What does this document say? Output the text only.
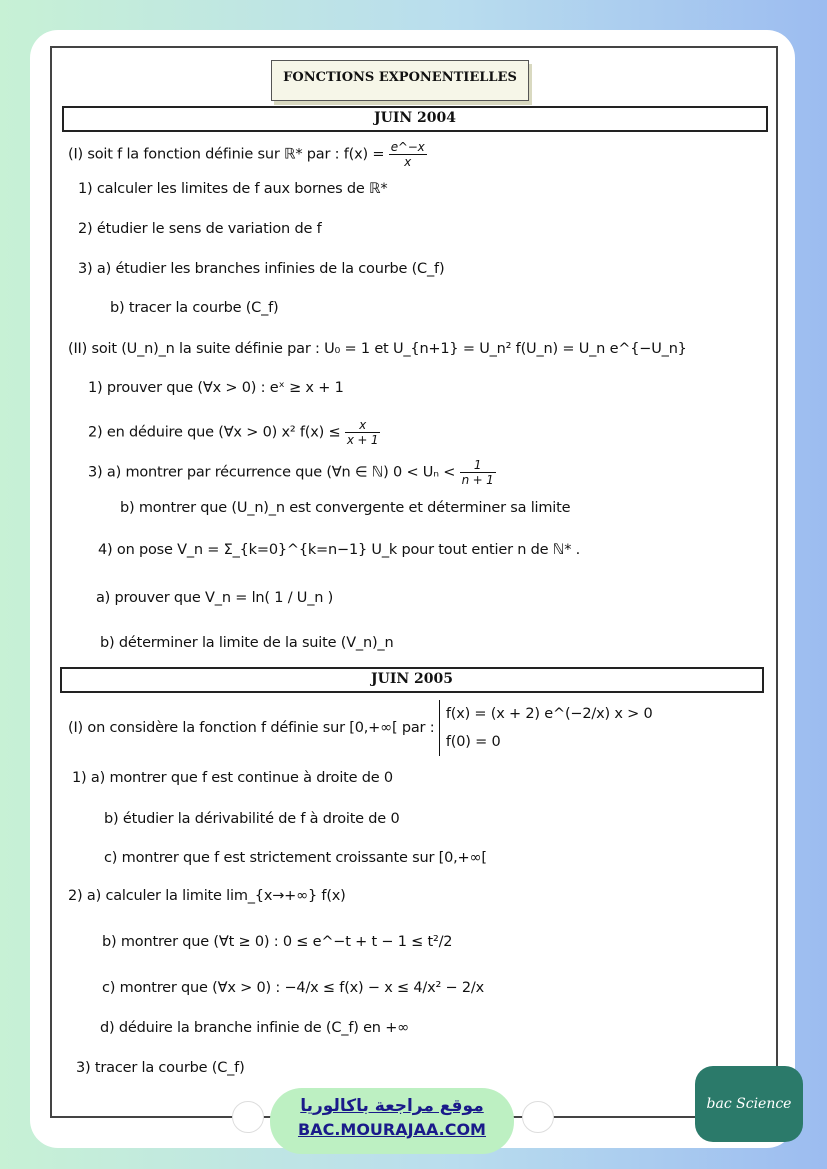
FONCTIONS EXPONENTIELLES
JUIN 2004
(I) soit f la fonction définie sur ℝ* par : $f(x) = \frac{e\^{}-x}{x}$
1) calculer les limites de f aux bornes de ℝ*
2) étudier le sens de variation de f
3) a) étudier les branches infinies de la courbe (C_f)
b) tracer la courbe (C_f)
(II) soit (U_n)_n la suite définie par : U₀ = 1 et U_{n+1} = U_n² f(U_n) = U_n e^{−U_n}
1) prouver que (∀x > 0) : eˣ ≥ x + 1
2) en déduire que (∀x > 0) x² $f(x) \le \frac{x}{x + 1}$
3) a) montrer par récurrence que (∀n ∈ ℕ) $0 < U_n < \frac{1}{n + 1}$
b) montrer que (U_n)_n est convergente et déterminer sa limite
4) on pose V_n = Σ_{k=0}^{k=n−1} U_k pour tout entier n de ℕ* .
a) prouver que V_n = ln( 1 / U_n )
b) déterminer la limite de la suite (V_n)_n
JUIN 2005
(I) on considère la fonction f définie sur [0,+∞[ par :
f(x) = (x + 2) e^(−2/x) x > 0
f(0) = 0
1) a) montrer que f est continue à droite de 0
b) étudier la dérivabilité de f à droite de 0
c) montrer que f est strictement croissante sur [0,+∞[
2) a) calculer la limite lim_{x→+∞} f(x)
b) montrer que (∀t ≥ 0) : 0 ≤ e^−t + t − 1 ≤ t²/2
c) montrer que (∀x > 0) : −4/x ≤ f(x) − x ≤ 4/x² − 2/x
d) déduire la branche infinie de (C_f) en +∞
3) tracer la courbe (C_f)
موقع مراجعة باكالوريا
BAC.MOURAJAA.COM
bac Science
